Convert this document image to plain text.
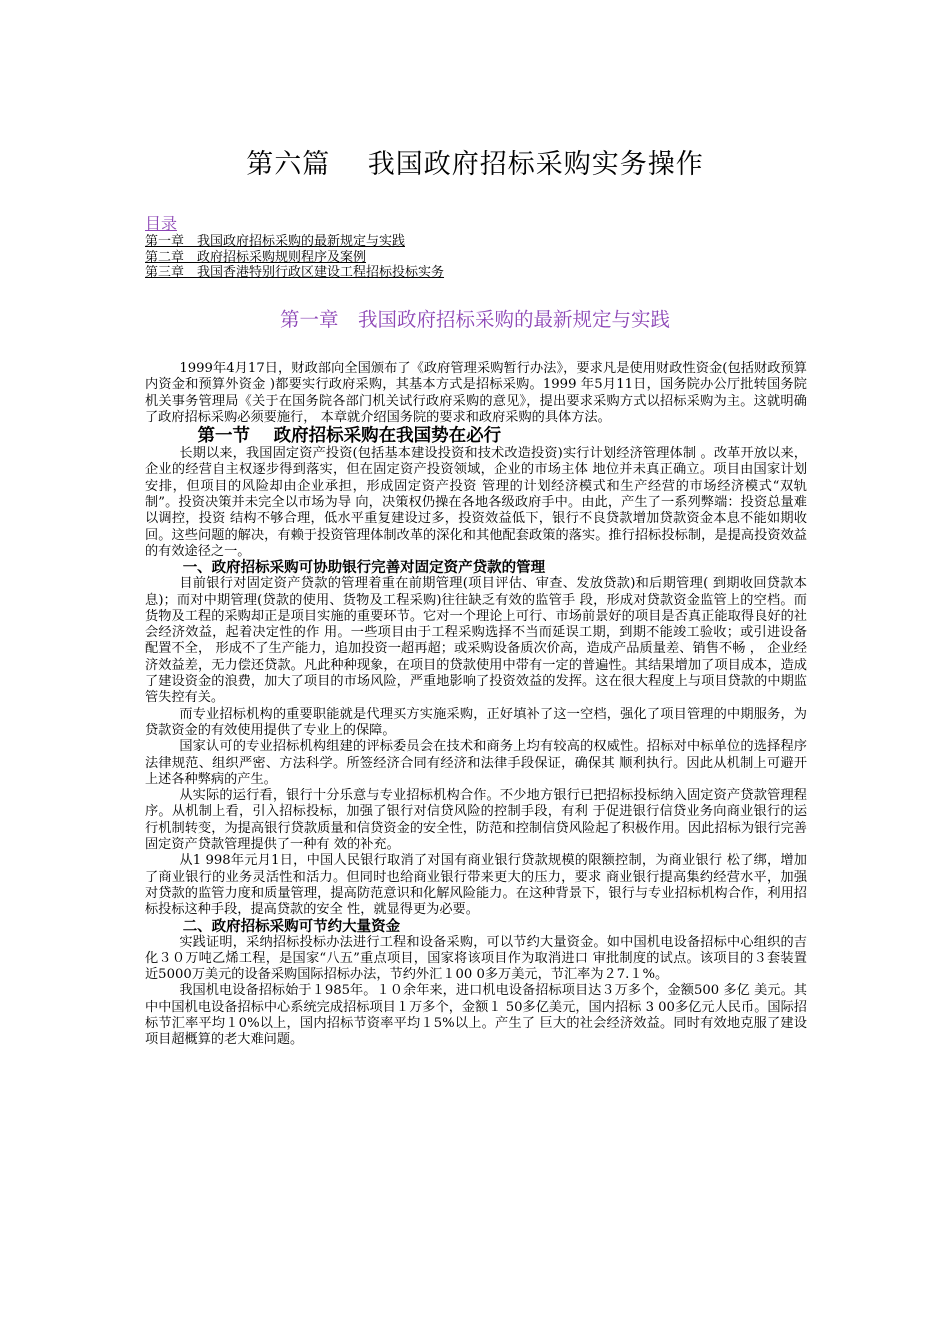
第六篇　 我国政府招标采购实务操作
目录
第一章　我国政府招标采购的最新规定与实践
第二章　政府招标采购规则程序及案例
第三章　我国香港特别行政区建设工程招标投标实务
第一章　我国政府招标采购的最新规定与实践

1999年4月17日，财政部向全国颁布了《政府管理采购暂行办法》，要求凡是使用财政性资金(包括财政预算内资金和预算外资金 )都要实行政府采购，其基本方式是招标采购。1999 年5月11日，国务院办公厅批转国务院机关事务管理局《关于在国务院各部门机关试行政府采购的意见》，提出要求采购方式以招标采购为主。这就明确了政府招标采购必须要施行， 本章就介绍国务院的要求和政府采购的具体方法。

第一节　 政府招标采购在我国势在必行

长期以来，我国固定资产投资(包括基本建设投资和技术改造投资)实行计划经济管理体制 。改革开放以来，企业的经营自主权逐步得到落实，但在固定资产投资领域，企业的市场主体 地位并未真正确立。项目由国家计划安排，但项目的风险却由企业承担，形成固定资产投资 管理的计划经济模式和生产经营的市场经济模式“双轨制”。投资决策并未完全以市场为导 向，决策权仍操在各地各级政府手中。由此，产生了一系列弊端：投资总量难以调控，投资 结构不够合理，低水平重复建设过多，投资效益低下，银行不良贷款增加贷款资金本息不能如期收回。这些问题的解决，有赖于投资管理体制改革的深化和其他配套政策的落实。推行招标投标制，是提高投资效益的有效途径之一。

一、政府招标采购可协助银行完善对固定资产贷款的管理

目前银行对固定资产贷款的管理着重在前期管理(项目评估、审查、发放贷款)和后期管理( 到期收回贷款本息)；而对中期管理(贷款的使用、货物及工程采购)往往缺乏有效的监管手 段，形成对贷款资金监管上的空档。而货物及工程的采购却正是项目实施的重要环节。它对一个理论上可行、市场前景好的项目是否真正能取得良好的社会经济效益，起着决定性的作 用。一些项目由于工程采购选择不当而延误工期，到期不能竣工验收；或引进设备配置不全， 形成不了生产能力，追加投资一超再超；或采购设备质次价高，造成产品质量差、销售不畅 ， 企业经济效益差，无力偿还贷款。凡此种种现象，在项目的贷款使用中带有一定的普遍性。其结果增加了项目成本，造成了建设资金的浪费，加大了项目的市场风险，严重地影响了投资效益的发挥。这在很大程度上与项目贷款的中期监管失控有关。

而专业招标机构的重要职能就是代理买方实施采购，正好填补了这一空档，强化了项目管理的中期服务，为贷款资金的有效使用提供了专业上的保障。

国家认可的专业招标机构组建的评标委员会在技术和商务上均有较高的权威性。招标对中标单位的选择程序法律规范、组织严密、方法科学。所签经济合同有经济和法律手段保证，确保其 顺利执行。因此从机制上可避开上述各种弊病的产生。

从实际的运行看，银行十分乐意与专业招标机构合作。不少地方银行已把招标投标纳入固定资产贷款管理程序。从机制上看，引入招标投标，加强了银行对信贷风险的控制手段，有利 于促进银行信贷业务向商业银行的运行机制转变，为提高银行贷款质量和信贷资金的安全性，防范和控制信贷风险起了积极作用。因此招标为银行完善固定资产贷款管理提供了一种有 效的补充。

从1 998年元月1日，中国人民银行取消了对国有商业银行贷款规模的限额控制，为商业银行 松了绑，增加了商业银行的业务灵活性和活力。但同时也给商业银行带来更大的压力，要求 商业银行提高集约经营水平，加强对贷款的监管力度和质量管理，提高防范意识和化解风险能力。在这种背景下，银行与专业招标机构合作，利用招标投标这种手段，提高贷款的安全 性，就显得更为必要。

二、政府招标采购可节约大量资金

实践证明，采纳招标投标办法进行工程和设备采购，可以节约大量资金。如中国机电设备招标中心组织的吉化３０万吨乙烯工程，是国家“八五”重点项目，国家将该项目作为取消进口 审批制度的试点。该项目的３套装置近5000万美元的设备采购国际招标办法，节约外汇１00 0多万美元，节汇率为２7.１%。

我国机电设备招标始于１985年。１０余年来，进口机电设备招标项目达３万多个，金额500 多亿 美元。其中中国机电设备招标中心系统完成招标项目１万多个，金额１ 50多亿美元，国内招标 3 00多亿元人民币。国际招标节汇率平均１0%以上，国内招标节资率平均１5%以上。产生了 巨大的社会经济效益。同时有效地克服了建设项目超概算的老大难问题。
